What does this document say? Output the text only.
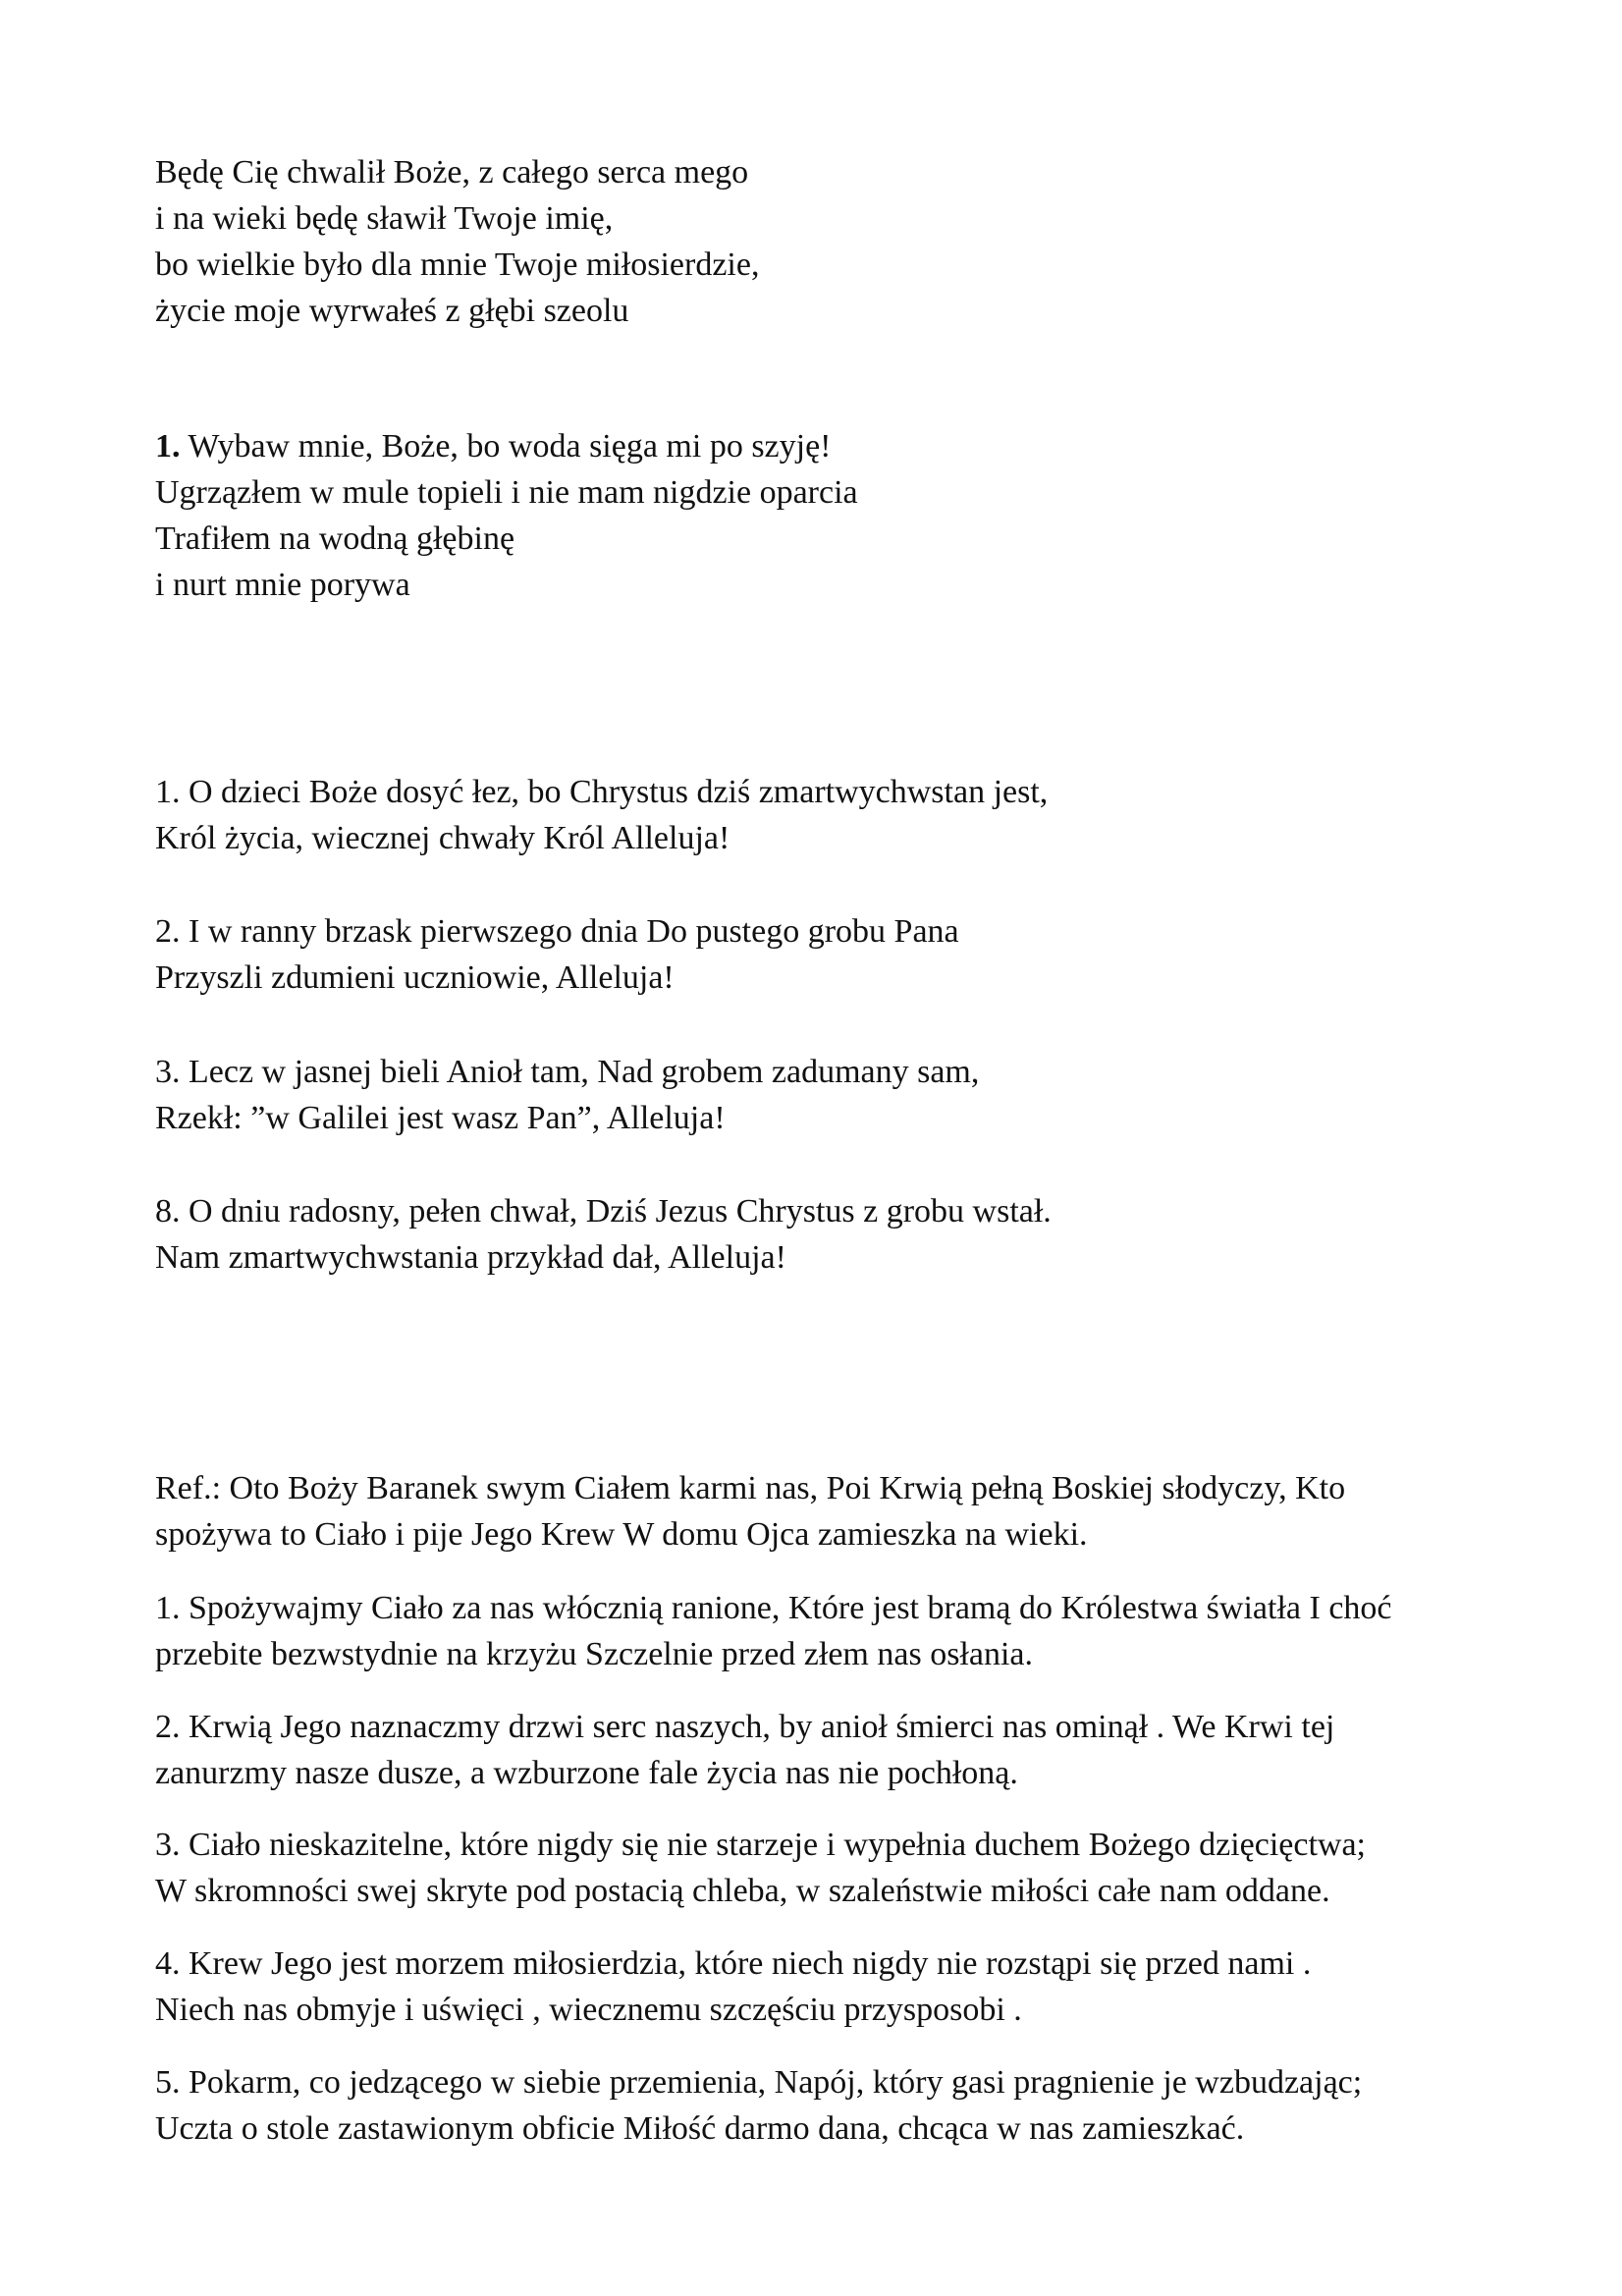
Będę Cię chwalił Boże, z całego serca mego
i na wieki będę sławił Twoje imię,
bo wielkie było dla mnie Twoje miłosierdzie,
życie moje wyrwałeś z głębi szeolu
1. Wybaw mnie, Boże, bo woda sięga mi po szyję!
Ugrzązłem w mule topieli i nie mam nigdzie oparcia
Trafiłem na wodną głębinę
i nurt mnie porywa
1. O dzieci Boże dosyć łez, bo Chrystus dziś zmartwychwstan jest,
Król życia, wiecznej chwały Król Alleluja!
2. I w ranny brzask pierwszego dnia Do pustego grobu Pana
Przyszli zdumieni uczniowie, Alleluja!
3. Lecz w jasnej bieli Anioł tam, Nad grobem zadumany sam,
Rzekł: ”w Galilei jest wasz Pan”, Alleluja!
8. O dniu radosny, pełen chwał, Dziś Jezus Chrystus z grobu wstał.
Nam zmartwychwstania przykład dał, Alleluja!
Ref.: Oto Boży Baranek swym Ciałem karmi nas, Poi Krwią pełną Boskiej słodyczy, Kto
spożywa to Ciało i pije Jego Krew W domu Ojca zamieszka na wieki.
1. Spożywajmy Ciało za nas włócznią ranione, Które jest bramą do Królestwa światła I choć
przebite bezwstydnie na krzyżu Szczelnie przed złem nas osłania.
2. Krwią Jego naznaczmy drzwi serc naszych, by anioł śmierci nas ominął . We Krwi tej
zanurzmy nasze dusze, a wzburzone fale życia nas nie pochłoną.
3. Ciało nieskazitelne, które nigdy się nie starzeje i wypełnia duchem Bożego dzięcięctwa;
W skromności swej skryte pod postacią chleba, w szaleństwie miłości całe nam oddane.
4. Krew Jego jest morzem miłosierdzia, które niech nigdy nie rozstąpi się przed nami .
Niech nas obmyje i uświęci , wiecznemu szczęściu przysposobi .
5. Pokarm, co jedzącego w siebie przemienia, Napój, który gasi pragnienie je wzbudzając;
Uczta o stole zastawionym obficie Miłość darmo dana, chcąca w nas zamieszkać.
